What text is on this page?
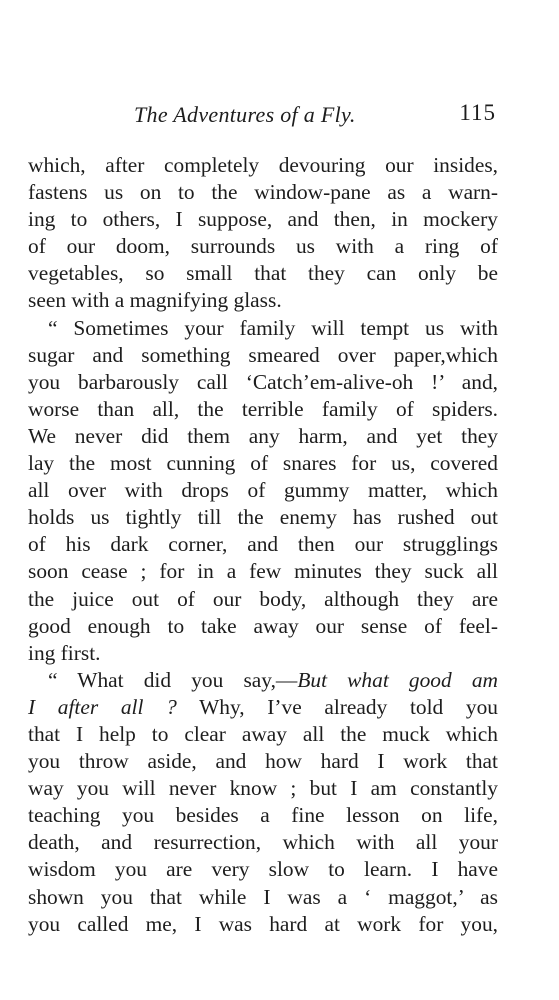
The Adventures of a Fly.	115
which, after completely devouring our insides,
fastens us on to the window-pane as a warn-
ing to others, I suppose, and then, in mockery
of our doom, surrounds us with a ring of
vegetables, so small that they can only be
seen with a magnifying glass.
“ Sometimes your family will tempt us with
sugar and something smeared over paper,which
you barbarously call ‘Catch’em-alive-oh !’ and,
worse than all, the terrible family of spiders.
We never did them any harm, and yet they
lay the most cunning of snares for us, covered
all over with drops of gummy matter, which
holds us tightly till the enemy has rushed out
of his dark corner, and then our strugglings
soon cease ; for in a few minutes they suck all
the juice out of our body, although they are
good enough to take away our sense of feel-
ing first.
“ What did you say,—But what good am
I after all ? Why, I’ve already told you
that I help to clear away all the muck which
you throw aside, and how hard I work that
way you will never know ; but I am constantly
teaching you besides a fine lesson on life,
death, and resurrection, which with all your
wisdom you are very slow to learn. I have
shown you that while I was a ‘ maggot,’ as
you called me, I was hard at work for you,
